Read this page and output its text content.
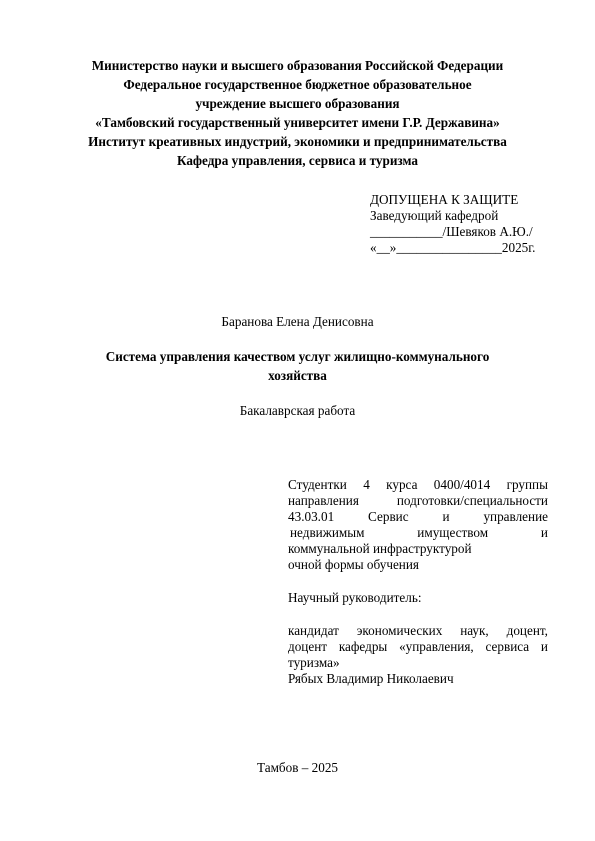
Министерство науки и высшего образования Российской Федерации
Федеральное государственное бюджетное образовательное
учреждение высшего образования
«Тамбовский государственный университет имени Г.Р. Державина»
Институт креативных индустрий, экономики и предпринимательства
Кафедра управления, сервиса и туризма
ДОПУЩЕНА К ЗАЩИТЕ
Заведующий кафедрой
___________/Шевяков А.Ю./
«__»________________2025г.
Баранова Елена Денисовна
Система управления качеством услуг жилищно-коммунального
хозяйства
Бакалаврская работа
Студентки 4 курса 0400/4014 группы
направления	подготовки/специальности
43.03.01	Сервис	и	управление
недвижимым	имуществом	и
коммунальной инфраструктурой
очной формы обучения
Научный руководитель:
кандидат экономических наук, доцент,
доцент кафедры «управления, сервиса и
туризма»
Рябых Владимир Николаевич
Тамбов – 2025
